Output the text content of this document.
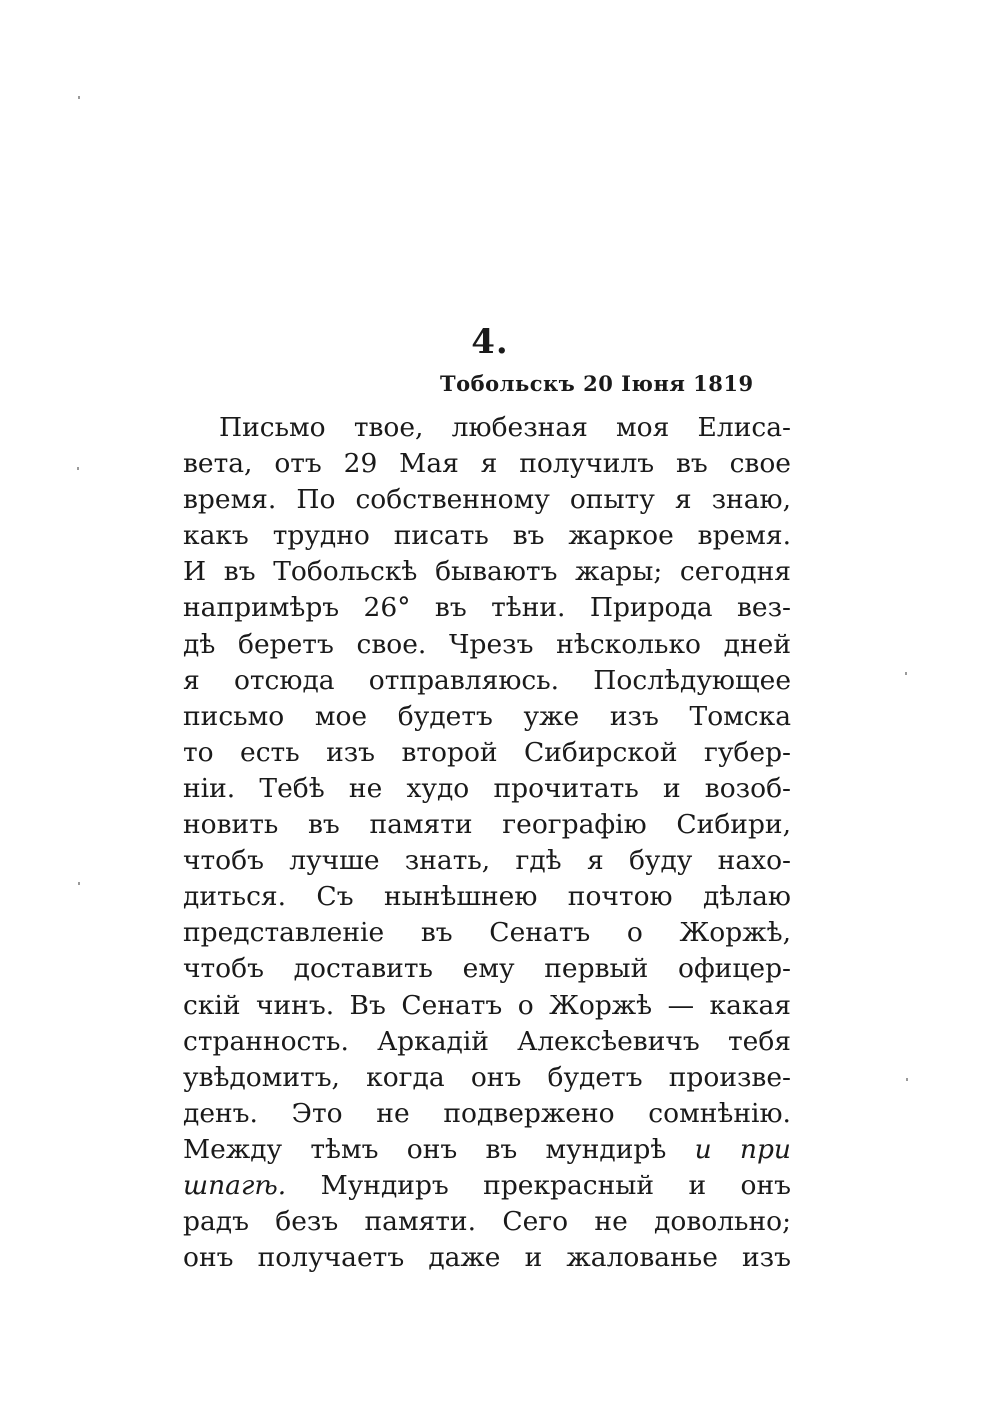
4.
Тобольскъ 20 Іюня 1819
Письмо твое, любезная моя Елиса-
вета, отъ 29 Мая я получилъ въ свое
время. По собственному опыту я знаю,
какъ трудно писать въ жаркое время.
И въ Тобольскѣ бываютъ жары; сегодня
напримѣръ 26° въ тѣни. Природа вез-
дѣ беретъ свое. Чрезъ нѣсколько дней
я отсюда отправляюсь. Послѣдующее
письмо мое будетъ уже изъ Томска
то есть изъ второй Сибирской губер-
ніи. Тебѣ не худо прочитать и возоб-
новить въ памяти географію Сибири,
чтобъ лучше знать, гдѣ я буду нахо-
диться. Съ нынѣшнею почтою дѣлаю
представленіе въ Сенатъ о Жоржѣ,
чтобъ доставить ему первый офицер-
скій чинъ. Въ Сенатъ о Жоржѣ — какая
странность. Аркадій Алексѣевичъ тебя
увѣдомитъ, когда онъ будетъ произве-
денъ. Это не подвержено сомнѣнію.
Между тѣмъ онъ въ мундирѣ и при
шпагѣ. Мундиръ прекрасный и онъ
радъ безъ памяти. Сего не довольно;
онъ получаетъ даже и жалованье изъ
